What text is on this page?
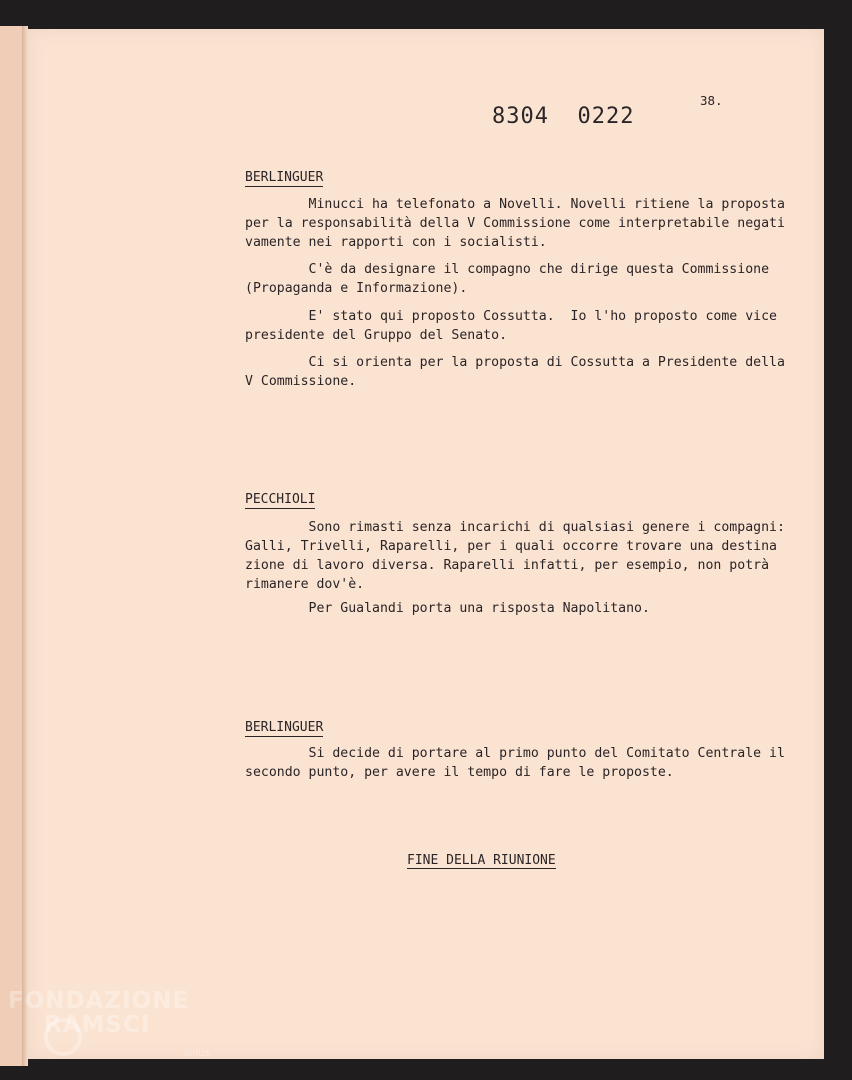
38.
8304  0222
BERLINGUER
Minucci ha telefonato a Novelli. Novelli ritiene la proposta
per la responsabilità della V Commissione come interpretabile negati
vamente nei rapporti con i socialisti.
C'è da designare il compagno che dirige questa Commissione
(Propaganda e Informazione).
E' stato qui proposto Cossutta.  Io l'ho proposto come vice
presidente del Gruppo del Senato.
Ci si orienta per la proposta di Cossutta a Presidente della
V Commissione.
PECCHIOLI
Sono rimasti senza incarichi di qualsiasi genere i compagni:
Galli, Trivelli, Raparelli, per i quali occorre trovare una destina
zione di lavoro diversa. Raparelli infatti, per esempio, non potrà
rimanere dov'è.
Per Gualandi porta una risposta Napolitano.
BERLINGUER
Si decide di portare al primo punto del Comitato Centrale il
secondo punto, per avere il tempo di fare le proposte.
FINE DELLA RIUNIONE
FONDAZIONE
RAMSCI
onlus
